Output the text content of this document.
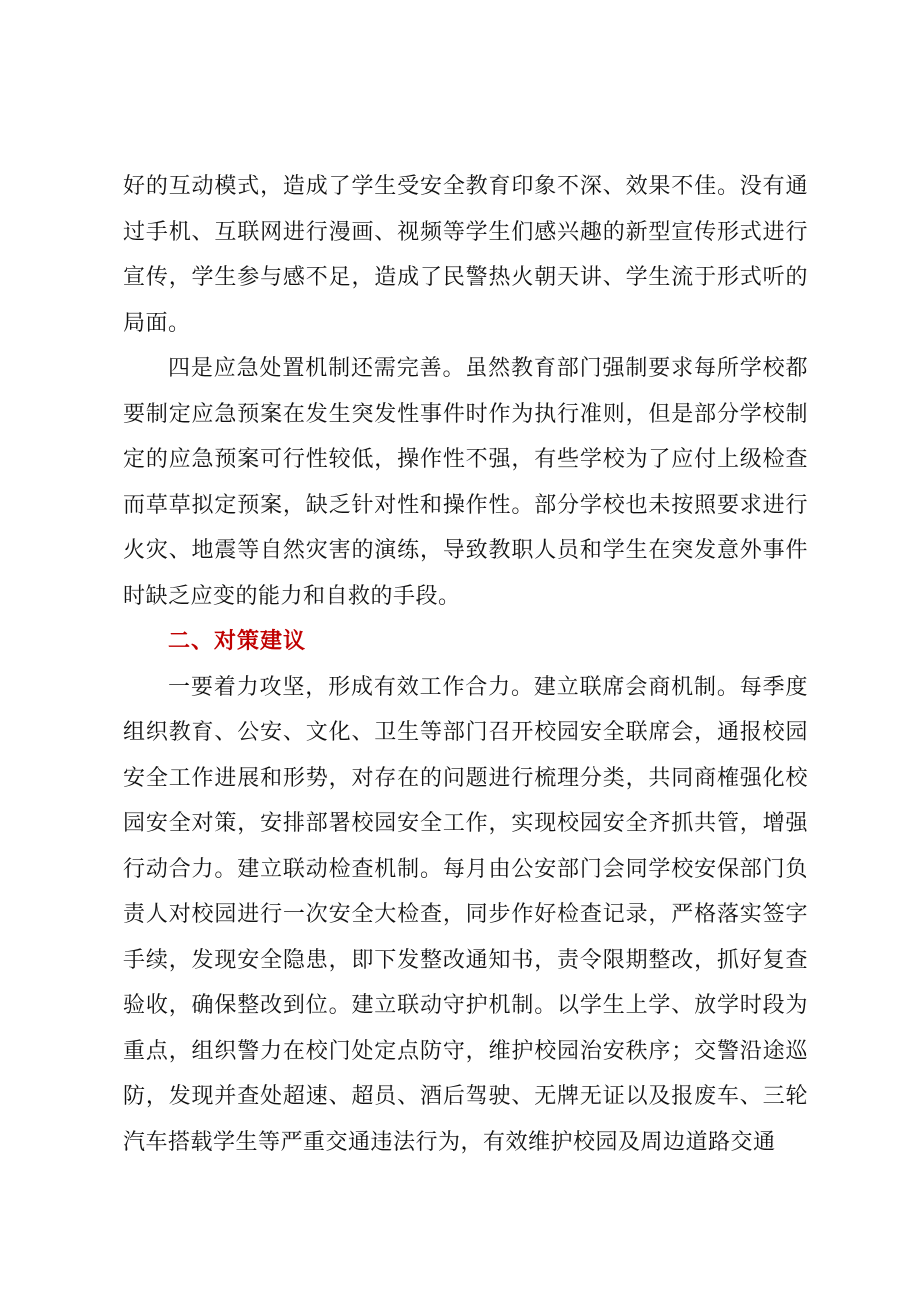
好的互动模式，造成了学生受安全教育印象不深、效果不佳。没有通过手机、互联网进行漫画、视频等学生们感兴趣的新型宣传形式进行宣传，学生参与感不足，造成了民警热火朝天讲、学生流于形式听的局面。

四是应急处置机制还需完善。虽然教育部门强制要求每所学校都要制定应急预案在发生突发性事件时作为执行准则，但是部分学校制定的应急预案可行性较低，操作性不强，有些学校为了应付上级检查而草草拟定预案，缺乏针对性和操作性。部分学校也未按照要求进行火灾、地震等自然灾害的演练，导致教职人员和学生在突发意外事件时缺乏应变的能力和自救的手段。

二、对策建议

一要着力攻坚，形成有效工作合力。建立联席会商机制。每季度组织教育、公安、文化、卫生等部门召开校园安全联席会，通报校园安全工作进展和形势，对存在的问题进行梳理分类，共同商榷强化校园安全对策，安排部署校园安全工作，实现校园安全齐抓共管，增强行动合力。建立联动检查机制。每月由公安部门会同学校安保部门负责人对校园进行一次安全大检查，同步作好检查记录，严格落实签字手续，发现安全隐患，即下发整改通知书，责令限期整改，抓好复查验收，确保整改到位。建立联动守护机制。以学生上学、放学时段为重点，组织警力在校门处定点防守，维护校园治安秩序；交警沿途巡防，发现并查处超速、超员、酒后驾驶、无牌无证以及报废车、三轮汽车搭载学生等严重交通违法行为，有效维护校园及周边道路交通
